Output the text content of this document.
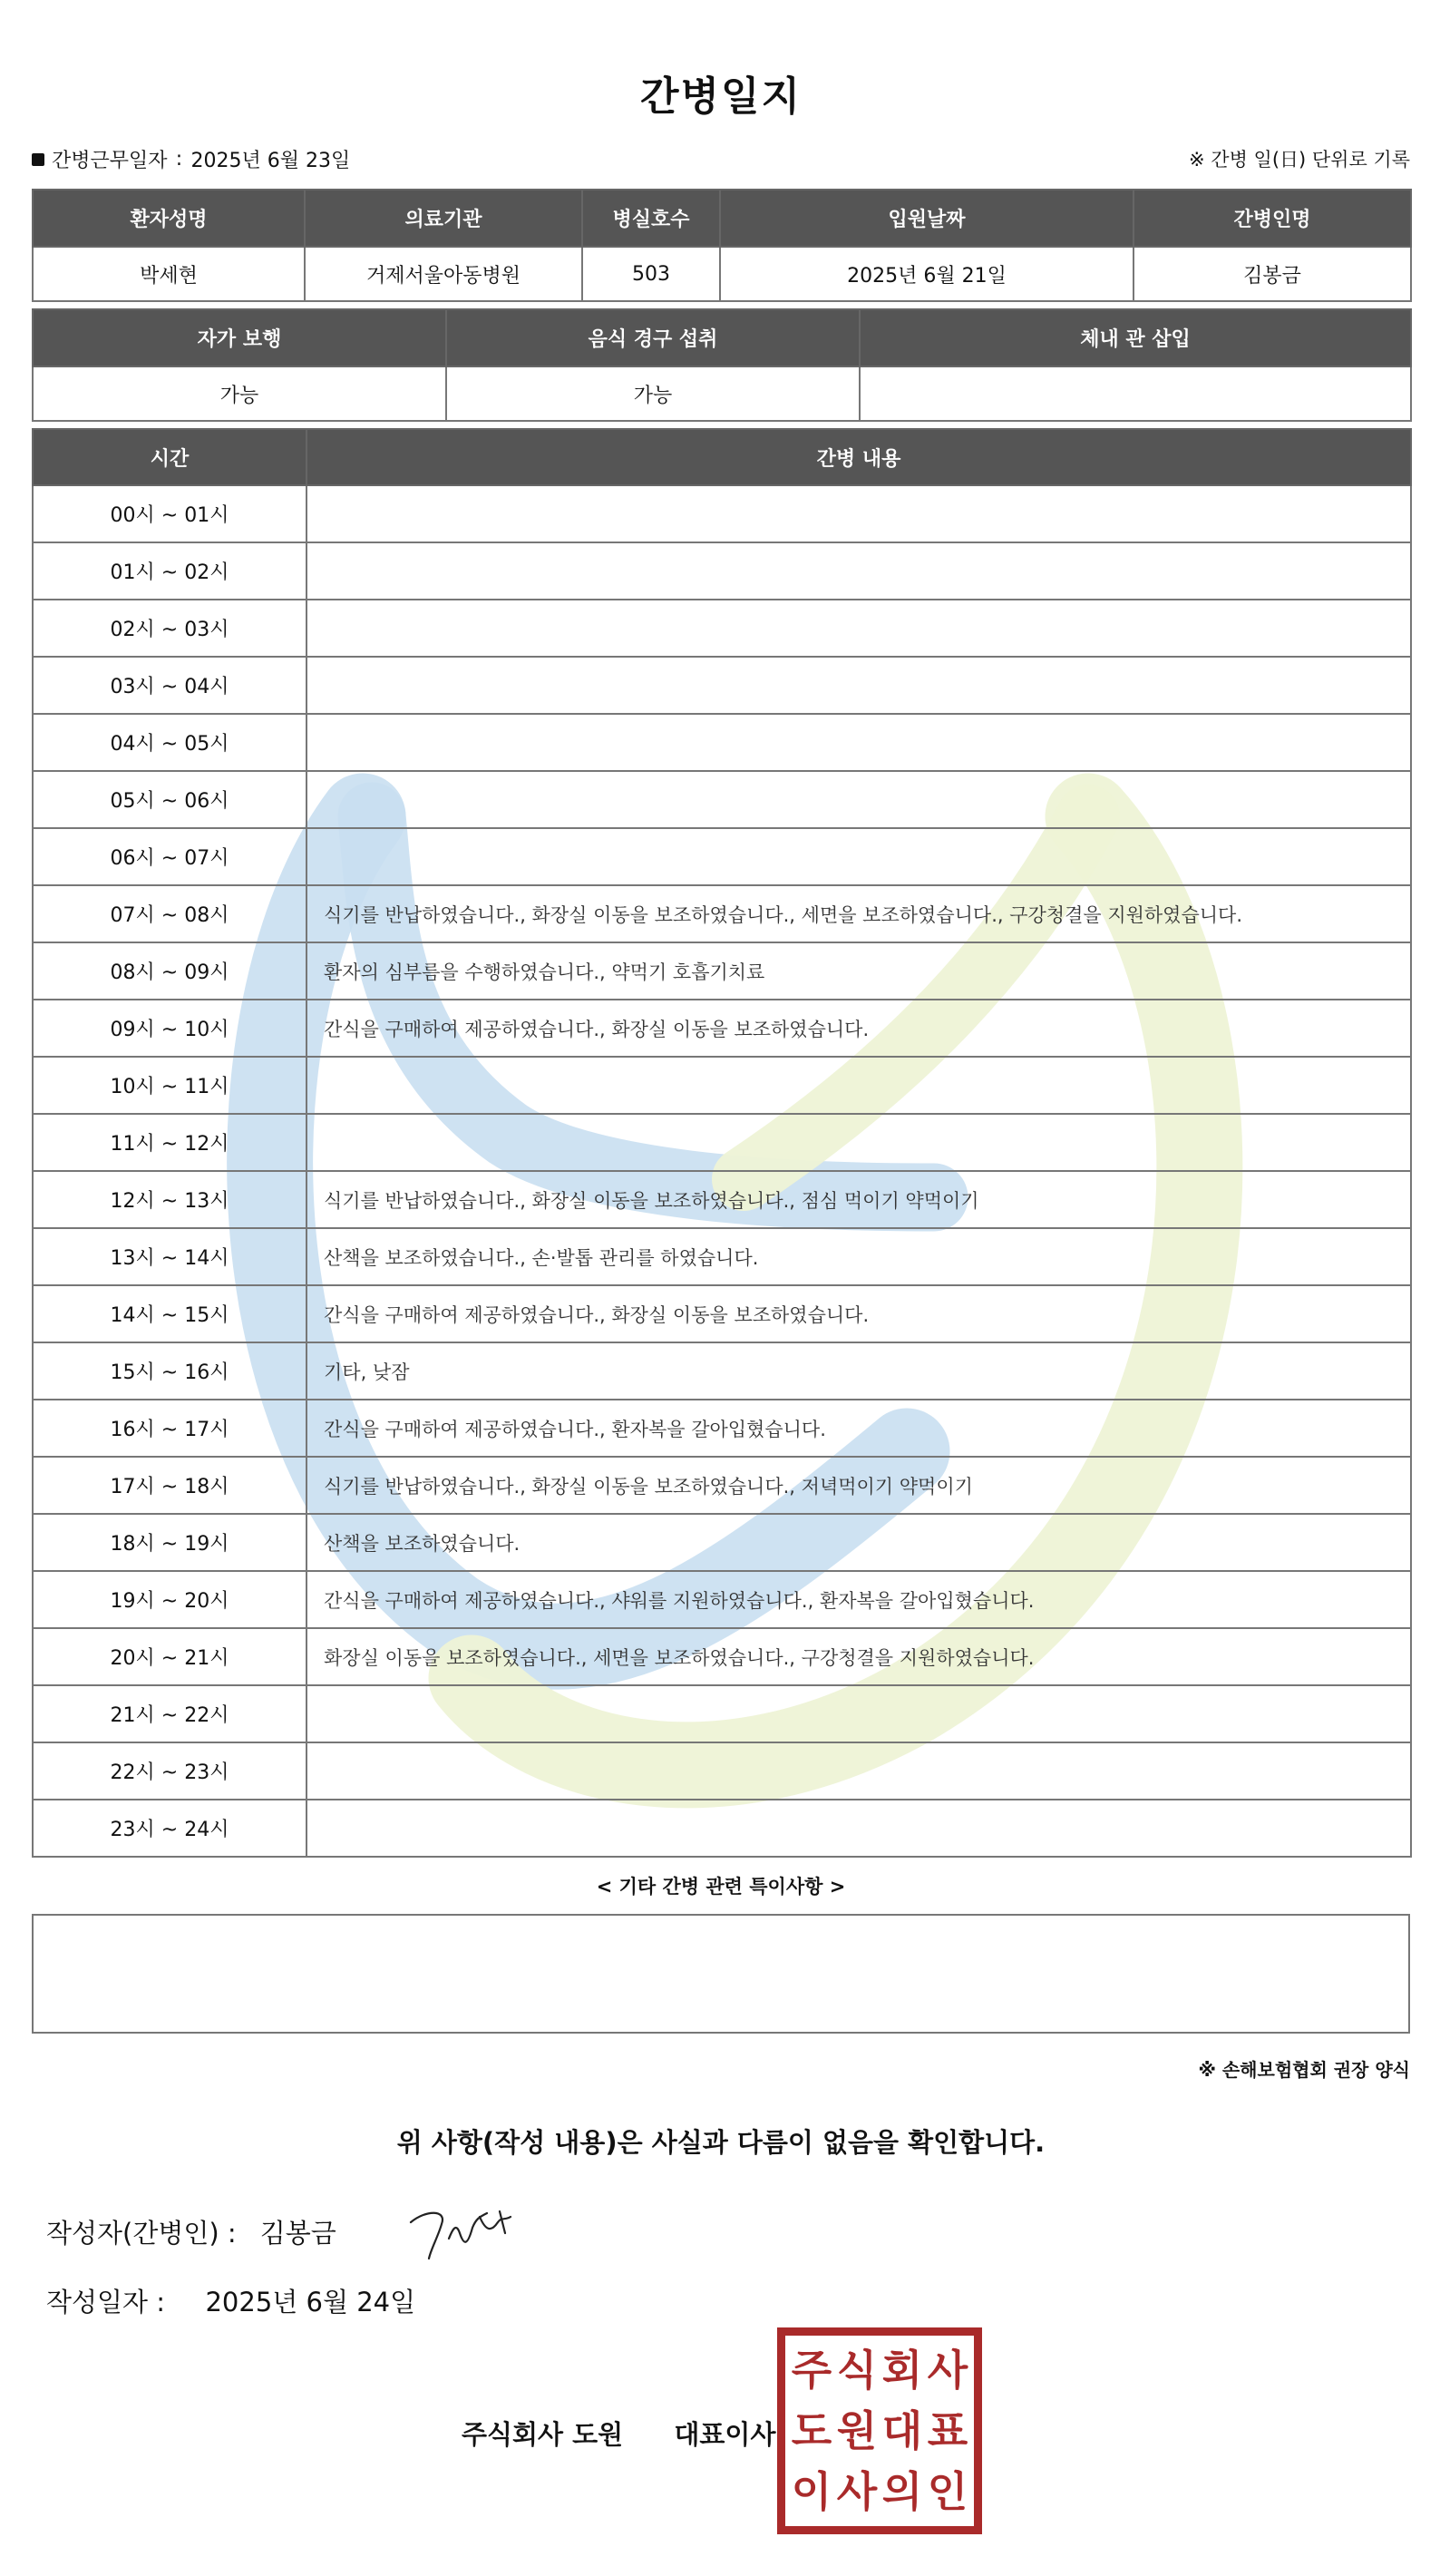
간병일지
간병근무일자 : 2025년 6월 23일	※ 간병 일(日) 단위로 기록
환자성명	의료기관	병실호수	입원날짜	간병인명
박세현	거제서울아동병원	503	2025년 6월 21일	김봉금
자가 보행	음식 경구 섭취	체내 관 삽입
가능	가능	
시간	간병 내용
00시 ~ 01시	
01시 ~ 02시	
02시 ~ 03시	
03시 ~ 04시	
04시 ~ 05시	
05시 ~ 06시	
06시 ~ 07시	
07시 ~ 08시	식기를 반납하였습니다., 화장실 이동을 보조하였습니다., 세면을 보조하였습니다., 구강청결을 지원하였습니다.
08시 ~ 09시	환자의 심부름을 수행하였습니다., 약먹기 호흡기치료
09시 ~ 10시	간식을 구매하여 제공하였습니다., 화장실 이동을 보조하였습니다.
10시 ~ 11시	
11시 ~ 12시	
12시 ~ 13시	식기를 반납하였습니다., 화장실 이동을 보조하였습니다., 점심 먹이기 약먹이기
13시 ~ 14시	산책을 보조하였습니다., 손·발톱 관리를 하였습니다.
14시 ~ 15시	간식을 구매하여 제공하였습니다., 화장실 이동을 보조하였습니다.
15시 ~ 16시	기타, 낮잠
16시 ~ 17시	간식을 구매하여 제공하였습니다., 환자복을 갈아입혔습니다.
17시 ~ 18시	식기를 반납하였습니다., 화장실 이동을 보조하였습니다., 저녁먹이기 약먹이기
18시 ~ 19시	산책을 보조하였습니다.
19시 ~ 20시	간식을 구매하여 제공하였습니다., 샤워를 지원하였습니다., 환자복을 갈아입혔습니다.
20시 ~ 21시	화장실 이동을 보조하였습니다., 세면을 보조하였습니다., 구강청결을 지원하였습니다.
21시 ~ 22시	
22시 ~ 23시	
23시 ~ 24시	
< 기타 간병 관련 특이사항 >
※ 손해보험협회 권장 양식
위 사항(작성 내용)은 사실과 다름이 없음을 확인합니다.
작성자(간병인) : 김봉금
작성일자 : 2025년 6월 24일
주식회사 도원 대표이사
주 식 회 사
도 원 대 표
이 사 의 인
